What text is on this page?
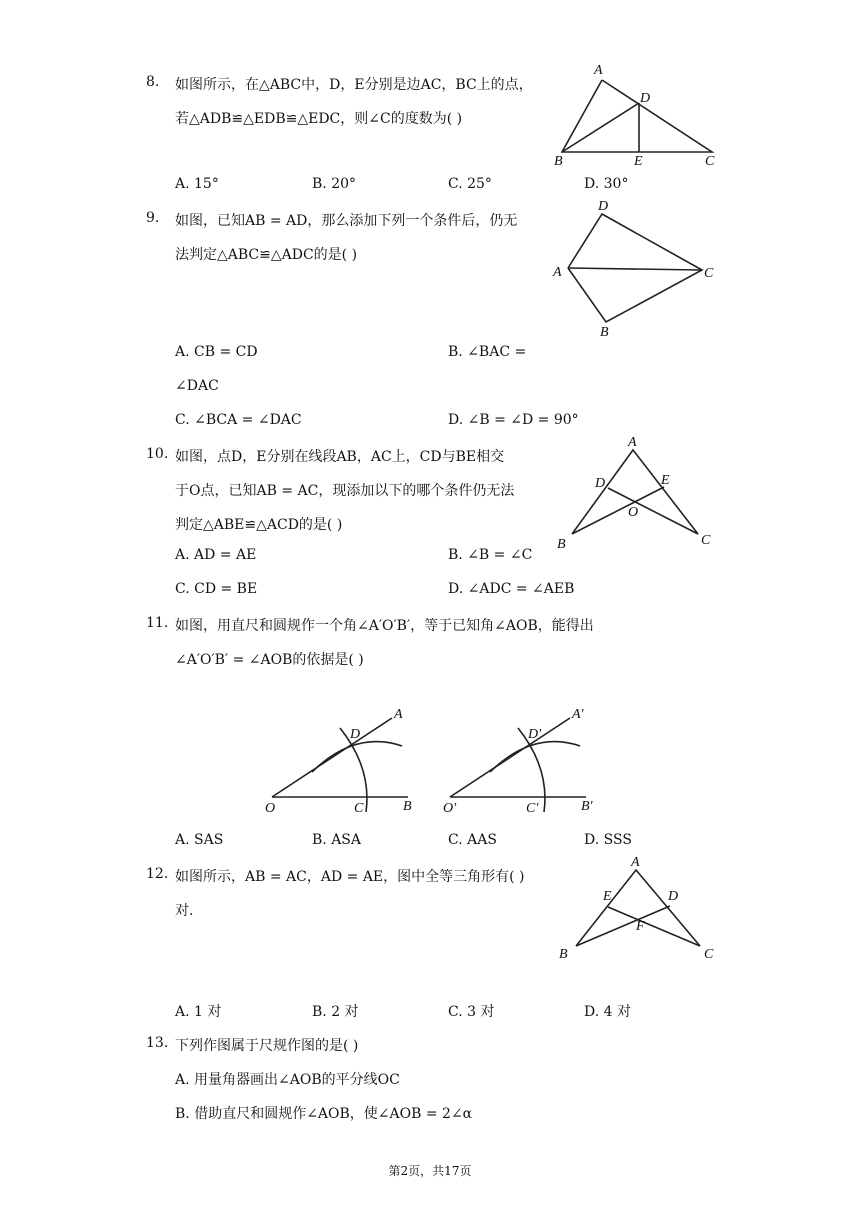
8. 如图所示，在△ABC中，D，E分别是边AC，BC上的点，
若△ADB≌△EDB≌△EDC，则∠C的度数为( )
A. 15°	B. 20°	C. 25°	D. 30°
A
D
B	E	C
9. 如图，已知AB = AD，那么添加下列一个条件后，仍无
法判定△ABC≌△ADC的是( )
A. CB = CD	B. ∠BAC =
∠DAC
C. ∠BCA = ∠DAC	D. ∠B = ∠D = 90°
D
A	C
B
10. 如图，点D，E分别在线段AB，AC上，CD与BE相交
于O点，已知AB = AC，现添加以下的哪个条件仍无法
判定△ABE≌△ACD的是( )
A. AD = AE	B. ∠B = ∠C
C. CD = BE	D. ∠ADC = ∠AEB
A
D	E
O
B	C
11. 如图，用直尺和圆规作一个角∠A′O′B′，等于已知角∠AOB，能得出
∠A′O′B′ = ∠AOB的依据是( )
A
D
O	C	B
A′
D′
O′	C′	B′
A. SAS	B. ASA	C. AAS	D. SSS
12. 如图所示，AB = AC，AD = AE，图中全等三角形有( )
对.
A
E	D
F
B	C
A. 1 对	B. 2 对	C. 3 对	D. 4 对
13. 下列作图属于尺规作图的是( )
A. 用量角器画出∠AOB的平分线OC
B. 借助直尺和圆规作∠AOB，使∠AOB = 2∠α
第2页，共17页
